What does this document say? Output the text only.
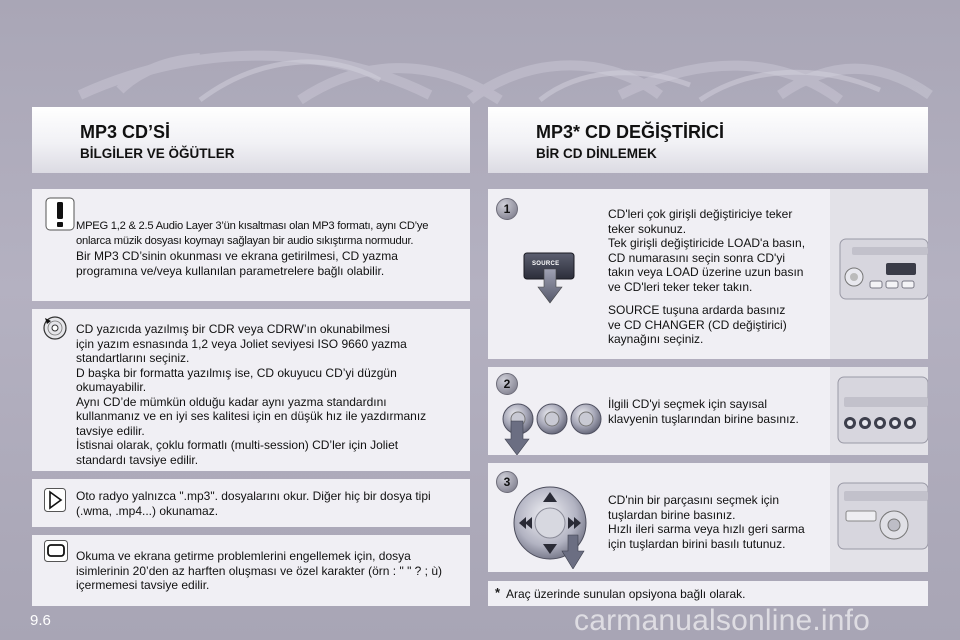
MP3 CD’Sİ
BİLGİLER VE ÖĞÜTLER
MP3* CD DEĞİŞTİRİCİ
BİR CD DİNLEMEK
MPEG 1,2 & 2.5 Audio Layer 3’ün kısaltması olan MP3 formatı, aynı CD’ye
onlarca müzik dosyası koymayı sağlayan bir audio sıkıştırma normudur.
Bir MP3 CD’sinin okunması ve ekrana getirilmesi, CD yazma
programına ve/veya kullanılan parametrelere bağlı olabilir.
CD yazıcıda yazılmış bir CDR veya CDRW’ın okunabilmesi
için yazım esnasında 1,2 veya Joliet seviyesi ISO 9660 yazma
standartlarını seçiniz.
D başka bir formatta yazılmış ise, CD okuyucu CD’yi düzgün
okumayabilir.
Aynı CD’de mümkün olduğu kadar aynı yazma standardını
kullanmanız ve en iyi ses kalitesi için en düşük hız ile yazdırmanız
tavsiye edilir.
İstisnai olarak, çoklu formatlı (multi-session) CD’ler için Joliet
standardı tavsiye edilir.
Oto radyo yalnızca ".mp3". dosyalarını okur. Diğer hiç bir dosya tipi
(.wma, .mp4...) okunamaz.
Okuma ve ekrana getirme problemlerini engellemek için, dosya
isimlerinin 20’den az harften oluşması ve özel karakter (örn : " " ? ; ù)
içermemesi tavsiye edilir.
1
SOURCE
CD'leri çok girişli değiştiriciye teker
teker sokunuz.
Tek girişli değiştiricide LOAD'a basın,
CD numarasını seçin sonra CD'yi
takın veya LOAD üzerine uzun basın
ve CD'leri teker teker takın.
SOURCE tuşuna ardarda basınız
ve CD CHANGER (CD değiştirici)
kaynağını seçiniz.
2
İlgili CD'yi seçmek için sayısal
klavyenin tuşlarından birine basınız.
3
CD'nin bir parçasını seçmek için
tuşlardan birine basınız.
Hızlı ileri sarma veya hızlı geri sarma
için tuşlardan birini basılı tutunuz.
* Araç üzerinde sunulan opsiyona bağlı olarak.
9.6	carmanualsonline.info
